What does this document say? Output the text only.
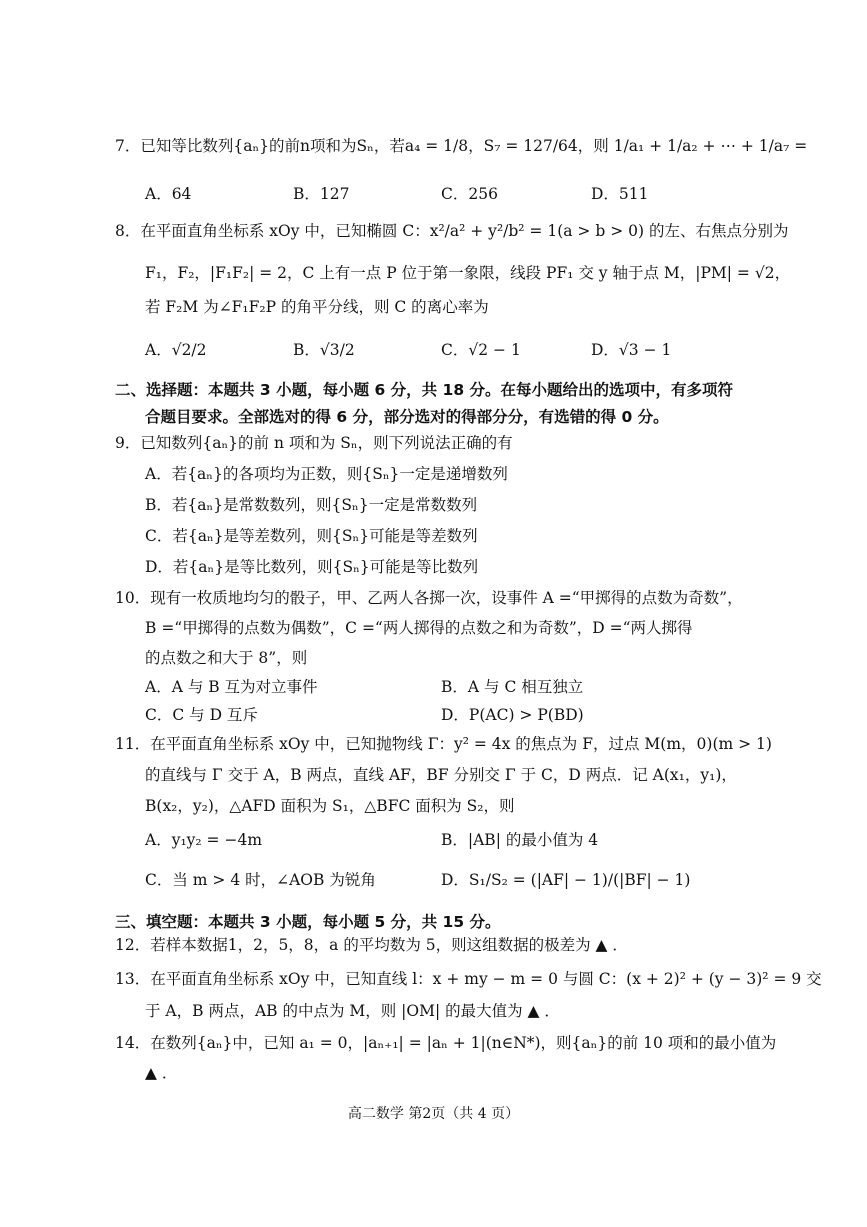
7．已知等比数列{aₙ}的前n项和为Sₙ，若a₄ = 1/8，S₇ = 127/64，则 1/a₁ + 1/a₂ + ⋯ + 1/a₇ =
A．64	B．127	C．256	D．511
8．在平面直角坐标系 xOy 中，已知椭圆 C：x²/a² + y²/b² = 1(a > b > 0) 的左、右焦点分别为
F₁，F₂，|F₁F₂| = 2，C 上有一点 P 位于第一象限，线段 PF₁ 交 y 轴于点 M，|PM| = √2，
若 F₂M 为∠F₁F₂P 的角平分线，则 C 的离心率为
A．√2/2	B．√3/2	C．√2 − 1	D．√3 − 1
二、选择题：本题共 3 小题，每小题 6 分，共 18 分。在每小题给出的选项中，有多项符
合题目要求。全部选对的得 6 分，部分选对的得部分分，有选错的得 0 分。
9．已知数列{aₙ}的前 n 项和为 Sₙ，则下列说法正确的有
A．若{aₙ}的各项均为正数，则{Sₙ}一定是递增数列
B．若{aₙ}是常数数列，则{Sₙ}一定是常数数列
C．若{aₙ}是等差数列，则{Sₙ}可能是等差数列
D．若{aₙ}是等比数列，则{Sₙ}可能是等比数列
10．现有一枚质地均匀的骰子，甲、乙两人各掷一次，设事件 A =“甲掷得的点数为奇数”，
B =“甲掷得的点数为偶数”，C =“两人掷得的点数之和为奇数”，D =“两人掷得
的点数之和大于 8”，则
A．A 与 B 互为对立事件	B．A 与 C 相互独立
C．C 与 D 互斥	D．P(AC) > P(BD)
11．在平面直角坐标系 xOy 中，已知抛物线 Γ：y² = 4x 的焦点为 F，过点 M(m，0)(m > 1)
的直线与 Γ 交于 A，B 两点，直线 AF，BF 分别交 Γ 于 C，D 两点．记 A(x₁，y₁)，
B(x₂，y₂)，△AFD 面积为 S₁，△BFC 面积为 S₂，则
A．y₁y₂ = −4m	B．|AB| 的最小值为 4
C．当 m > 4 时，∠AOB 为锐角	D．S₁/S₂ = (|AF| − 1)/(|BF| − 1)
三、填空题：本题共 3 小题，每小题 5 分，共 15 分。
12．若样本数据1，2，5，8，a 的平均数为 5，则这组数据的极差为 ▲ ．
13．在平面直角坐标系 xOy 中，已知直线 l：x + my − m = 0 与圆 C：(x + 2)² + (y − 3)² = 9 交
于 A，B 两点，AB 的中点为 M，则 |OM| 的最大值为 ▲ ．
14．在数列{aₙ}中，已知 a₁ = 0，|aₙ₊₁| = |aₙ + 1|(n∈N*)，则{aₙ}的前 10 项和的最小值为
▲ ．
高二数学 第2页（共 4 页）
